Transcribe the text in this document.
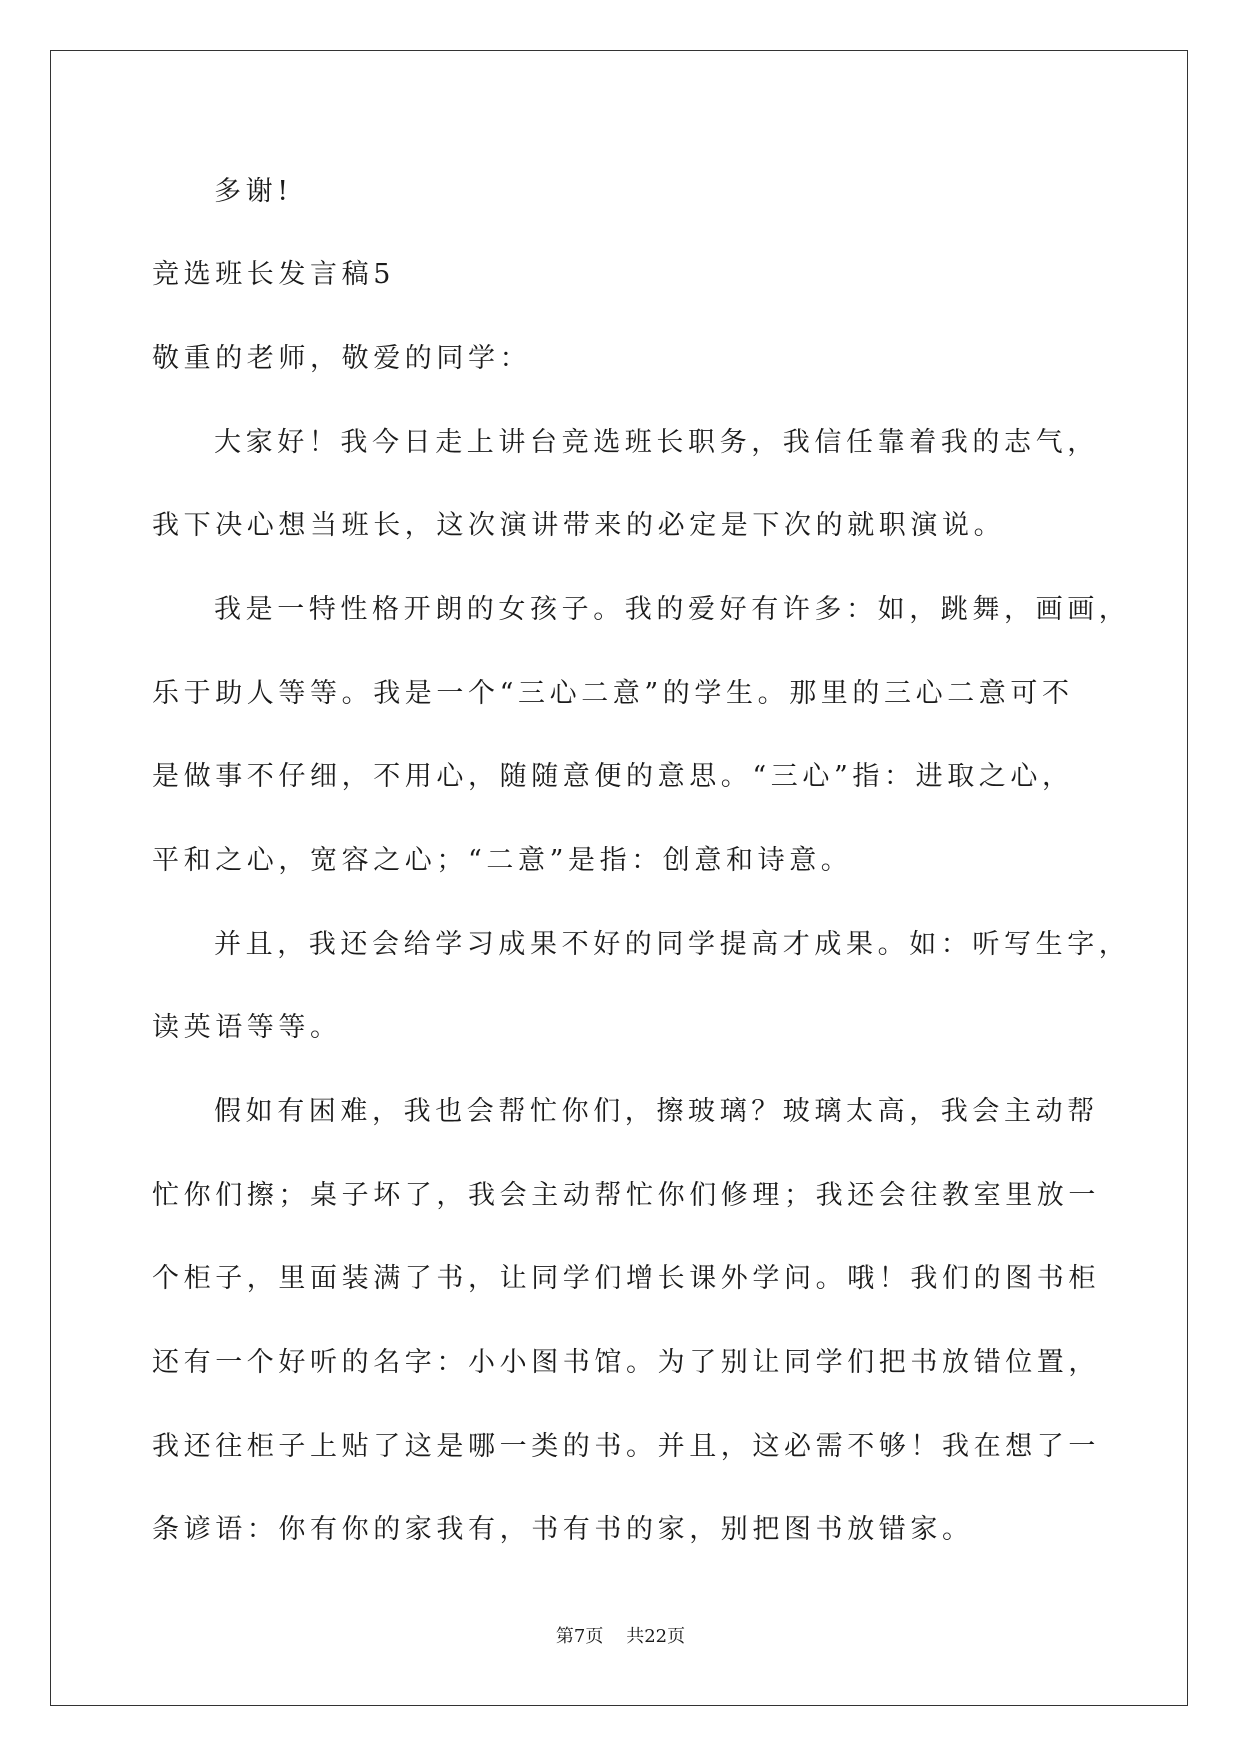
多谢!
竞选班长发言稿5
敬重的老师，敬爱的同学：
大家好！我今日走上讲台竞选班长职务，我信任靠着我的志气，
我下决心想当班长，这次演讲带来的必定是下次的就职演说。
我是一特性格开朗的女孩子。我的爱好有许多：如，跳舞，画画，
乐于助人等等。我是一个“三心二意”的学生。那里的三心二意可不
是做事不仔细，不用心，随随意便的意思。“三心”指：进取之心，
平和之心，宽容之心；“二意”是指：创意和诗意。
并且，我还会给学习成果不好的同学提高才成果。如：听写生字，
读英语等等。
假如有困难，我也会帮忙你们，擦玻璃？玻璃太高，我会主动帮
忙你们擦；桌子坏了，我会主动帮忙你们修理；我还会往教室里放一
个柜子，里面装满了书，让同学们增长课外学问。哦！我们的图书柜
还有一个好听的名字：小小图书馆。为了别让同学们把书放错位置，
我还往柜子上贴了这是哪一类的书。并且，这必需不够！我在想了一
条谚语：你有你的家我有，书有书的家，别把图书放错家。
第7页 共22页
